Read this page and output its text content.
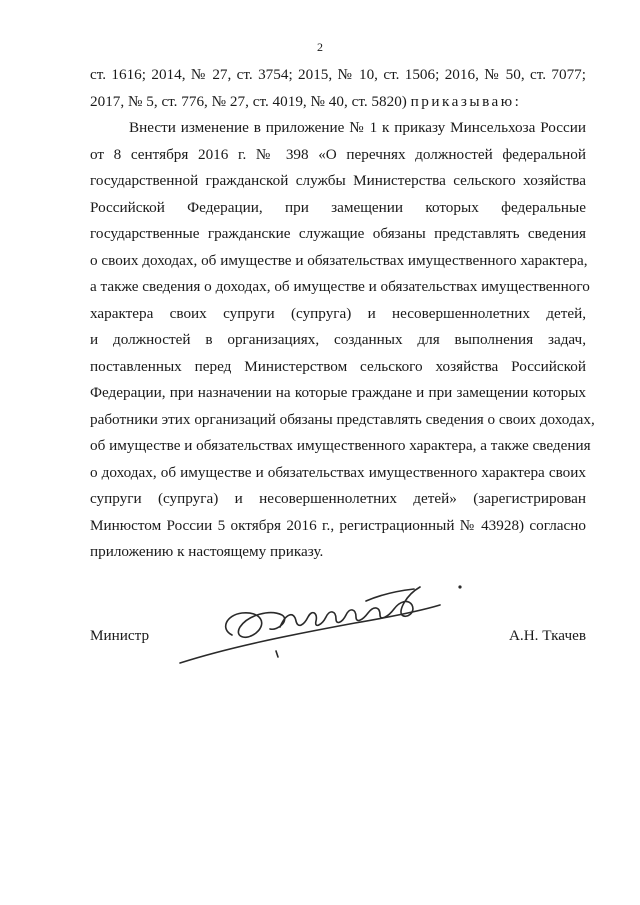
2
ст. 1616; 2014, № 27, ст. 3754; 2015, № 10, ст. 1506; 2016, № 50, ст. 7077;
2017, № 5, ст. 776, № 27, ст. 4019, № 40, ст. 5820) приказываю:
Внести изменение в приложение № 1 к приказу Минсельхоза России
от 8 сентября 2016 г. № 398 «О перечнях должностей федеральной
государственной гражданской службы Министерства сельского хозяйства
Российской Федерации, при замещении которых федеральные
государственные гражданские служащие обязаны представлять сведения
о своих доходах, об имуществе и обязательствах имущественного характера,
а также сведения о доходах, об имуществе и обязательствах имущественного
характера своих супруги (супруга) и несовершеннолетних детей,
и должностей в организациях, созданных для выполнения задач,
поставленных перед Министерством сельского хозяйства Российской
Федерации, при назначении на которые граждане и при замещении которых
работники этих организаций обязаны представлять сведения о своих доходах,
об имуществе и обязательствах имущественного характера, а также сведения
о доходах, об имуществе и обязательствах имущественного характера своих
супруги (супруга) и несовершеннолетних детей» (зарегистрирован
Минюстом России 5 октября 2016 г., регистрационный № 43928) согласно
приложению к настоящему приказу.
Министр	А.Н. Ткачев
